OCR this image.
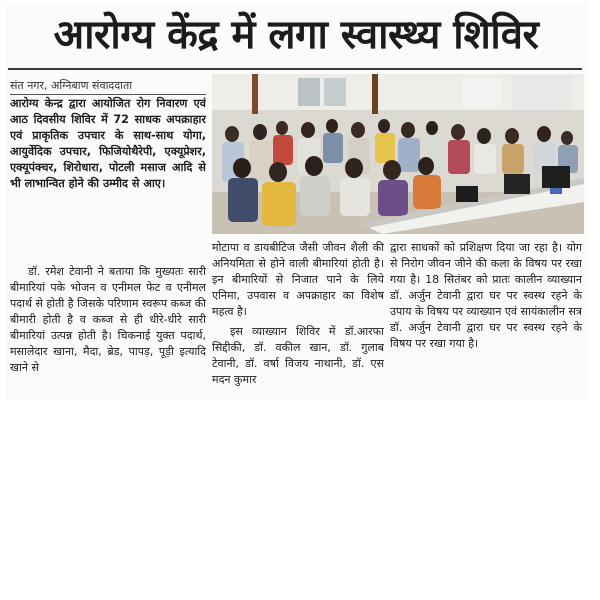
आरोग्य केंद्र में लगा स्वास्थ्य शिविर
संत नगर, अग्निबाण संवाददाता
आरोग्य केन्द्र द्वारा आयोजित रोग निवारण एवं आठ दिवसीय शिविर में 72 साधक अपक्राहार एवं प्राकृतिक उपचार के साथ-साथ योगा, आयुर्वेदिक उपचार, फिजियोथैरेपी, एक्यूप्रेशर, एक्यूपंक्चर, शिरोधारा, पोटली मसाज आदि से भी लाभान्वित होने की उम्मीद से आए।
डॉ. रमेश टेवानी ने बताया कि मुख्यतः सारी बीमारियां पके भोजन व एनीमल फेट व एनीमल पदार्थ से होती है जिसके परिणाम स्वरूप कब्ज की बीमारी होती है व कब्ज से ही धीरे-धीरे सारी बीमारियां उत्पन्न होती है। चिकनाई युक्त पदार्थ, मसालेदार खाना, मैदा, ब्रेड, पापड़, पूड़ी इत्यादि खाने से
मोटापा व डायबीटिज जैसी जीवन शैली की अनियमिता से होने वाली बीमारियां होती है। इन बीमारियों से निजात पाने के लिये एनिमा, उपवास व अपक्राहार का विशेष महत्व है।
इस व्याख्यान शिविर में डॉ.आरफा सिद्दीकी, डॉ. वकील खान, डॉ. गुलाब टेवानी, डॉ. वर्षा विजय नाथानी, डॉ. एस मदन कुमार
द्वारा साधकों को प्रशिक्षण दिया जा रहा है। योग से निरोग जीवन जीने की कला के विषय पर रखा गया है। 18 सितंबर को प्रातः कालीन व्याख्यान डॉ. अर्जुन टेवानी द्वारा घर पर स्वस्थ रहने के उपाय के विषय पर व्याख्यान एवं सायंकालीन सत्र डॉ. अर्जुन टेवानी द्वारा घर पर स्वस्थ रहने के विषय पर रखा गया है।
